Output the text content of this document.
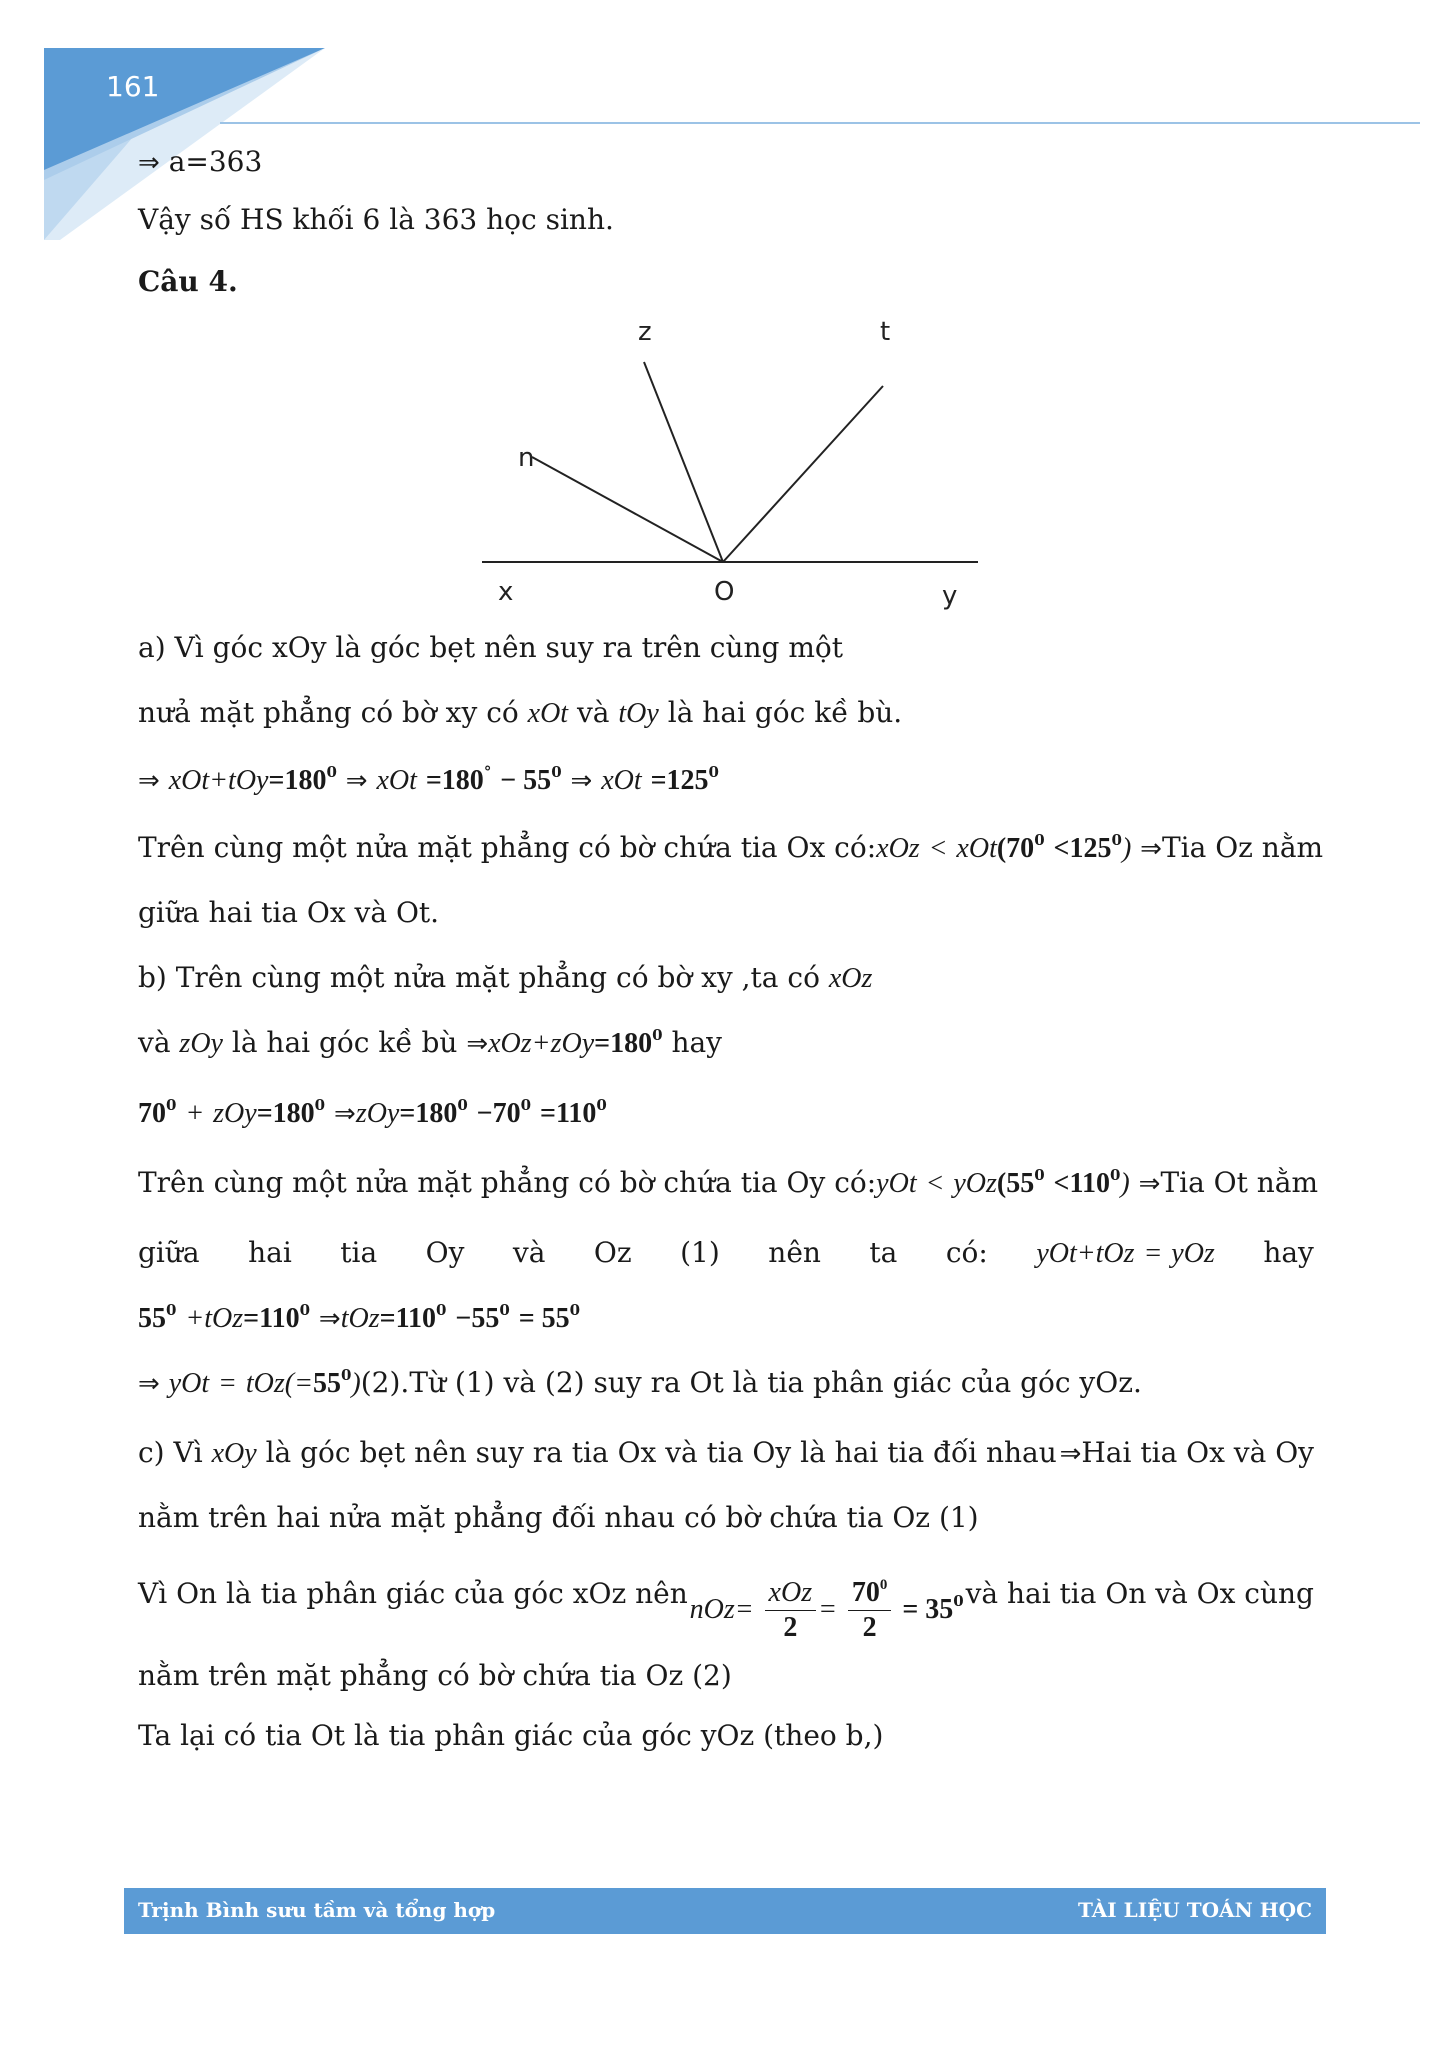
161
⇒ a=363
Vậy số HS khối 6 là 363 học sinh.
Câu 4.
z	t
n
x	O	y
a) Vì góc xOy là góc bẹt nên suy ra trên cùng một
nưả mặt phẳng có bờ xy có xOt và tOy là hai góc kề bù.
⇒ $xOt+tOy=180^0$ ⇒ xOt $=180^\circ - 55^0$ ⇒ xOt $=125^0$
Trên cùng một nửa mặt phẳng có bờ chứa tia Ox có: xOz < $xOt(70^0 <125^0)$ ⇒Tia Oz nằm
giữa hai tia Ox và Ot.
b) Trên cùng một nửa mặt phẳng có bờ xy ,ta có xOz
và zOy là hai góc kề bù $\Rightarrow xOz+zOy=180^0$ hay
$70^0 + zOy=180^0$ $\Rightarrow zOy=180^0 -70^0 =110^0$
Trên cùng một nửa mặt phẳng có bờ chứa tia Oy có: yOt < $yOz(55^0 <110^0)$ ⇒Tia Ot nằm
giữa hai tia Oy và Oz (1) nên ta có: yOt+tOz = yOz hay
$55^0 +tOz=110^0$ $\Rightarrow tOz=110^0 -55^0 = 55^0$
⇒ yOt = $tOz(=55^0)(2).Từ$ (1) và (2) suy ra Ot là tia phân giác của góc yOz.
c) Vì xOy là góc bẹt nên suy ra tia Ox và tia Oy là hai tia đối nhau ⇒Hai tia Ox và Oy
nằm trên hai nửa mặt phẳng đối nhau có bờ chứa tia Oz (1)
Vì On là tia phân giác của góc xOz nên $nOz= \frac{\text{xOz}}{2} = \frac{70^0}{2} = 35^0$ và hai tia On và Ox cùng
nằm trên mặt phẳng có bờ chứa tia Oz (2)
Ta lại có tia Ot là tia phân giác của góc yOz (theo b,)
Trịnh Bình sưu tầm và tổng hợp	TÀI LIỆU TOÁN HỌC
